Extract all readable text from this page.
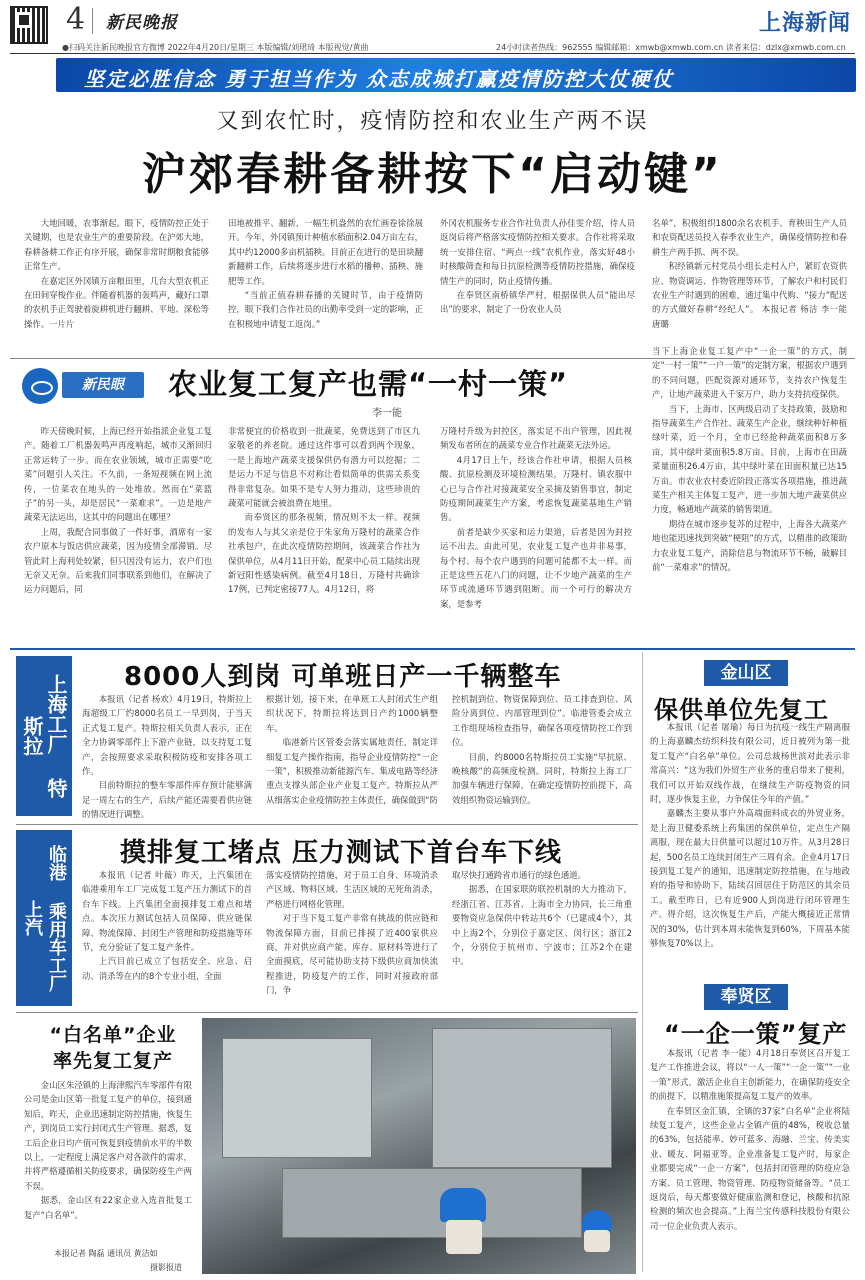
4 新民晚报	上海新闻
●扫码关注新民晚报官方微博 2022年4月20日/星期三 本版编辑/刘珺琦 本版视觉/黄曲	24小时读者热线：962555 编辑邮箱：xmwb@xmwb.com.cn 读者来信：dzlx@xmwb.com.cn
坚定必胜信念 勇于担当作为 众志成城打赢疫情防控大仗硬仗
又到农忙时，疫情防控和农业生产两不误
沪郊春耕备耕按下“启动键”

大地回暖，农事渐起。眼下，疫情防控正处于关键期，也是农业生产的重要阶段。在沪郊大地，春耕备耕工作正有序开展，确保非常时期粮食能够正常生产。

在嘉定区外冈镇万亩粮田里，几台大型农机正在田间穿梭作业。伴随着机器的轰鸣声，藏好口罩的农机手正驾驶着旋耕机进行翻耕、平地、深松等操作。一片片

田地被推平、翻新，一幅生机盎然的农忙画卷徐徐展开。今年，外冈镇预计种植水稻面积2.04万亩左右，其中约12000多亩机插秧。目前正在进行的是田块翻新翻耕工作，后续将逐步进行水稻的播种、插秧、施肥等工作。

“当前正值春耕春播的关键时节，由于疫情防控，眼下我们合作社员的出勤率受到一定的影响，正在积极地申请复工返岗。”

外冈农机服务专业合作社负责人孙佳雯介绍，待人员返岗后将严格落实疫情防控相关要求。合作社将采取统一安排住宿、“两点一线”农机作业，落实好48小时核酸筛查和每日抗原检测等疫情防控措施，确保疫情生产的同时，防止疫情传播。

在奉贤区南桥镇华严村，根据保供人员“能出尽出”的要求，制定了一份农业人员

名单”，积极组织1800余名农机手、育秧田生产人员和农资配送员投入春季农业生产，确保疫情防控和春耕生产两手抓、两不误。

积经镇新元村党员小组长走村入户，紧盯农资供应、物资调运、作物管理等环节，了解农户和村民们农业生产时遇到的困难，通过集中代购、“接力”配送的方式做好春耕“经纪人”。 本报记者 杨洁 李一能 唐璐

新民眼	农业复工复产也需“一村一策”
李一能

昨天傍晚时候，上海已经开始指派企业复工复产。随着工厂机器轰鸣声再度响起，城市又渐回归正常运转了一步。而在农业领域，城市正需要“吃菜”问题引人关注。不久前，一条短视频在网上流传，一位菜农在地头的一处堆放。然而在“菜篮子”的另一头，却是居民“一菜难求”。一边是地产蔬菜无法运出，这其中的问题出在哪里？

上周，我配合同事做了一件好事，酒席有一家农户原本与饭店供应蔬菜，因为疫情全部滞销。尽管此时上海利处较紧，但只因没有运力，农户们也无奈又无奈。后来我们同事联系到他们，在解决了运力问题后，同

非常便宜的价格收到一批蔬菜，免费送到了市区九家敬老的养老院。通过这件事可以看到两个现象，一是上海地产蔬菜支援保供仍有潜力可以挖掘；二是运力不足与信息不对称让看似简单的供需关系变得非常复杂。如果不是专人努力推动，这些珍贵的蔬菜可能就会被浪费在地里。

而奉贤区的那条视频，情况则不太一样。视频的发布人与其父亲是位于朱家角万隆村的蔬菜合作社承包户，在此次疫情防控期间，该蔬菜合作社为保供单位，从4月11日开始，配菜中心员工陆续出现新冠阳性感染病例。截至4月18日，万隆村共确诊17例，已判定密接77人。4月12日，将

万隆村升级为封控区，落实足不出户管理，因此视频发布者所在的蔬菜专业合作社蔬菜无法外运。

4月17日上午，经该合作社申请，根据人员核酸、抗原检测及环境检测结果，万隆村、镇农服中心已与合作社对接蔬菜安全采摘及销售事宜，制定防疫期间蔬菜生产方案，考虑恢复蔬菜基地生产销售。

前者是缺少买家和运力渠道，后者是因为封控运不出去。由此可见，农业复工复产也并非易事，每个村、每个农户遇到的问题可能都不太一样。而正是这些五花八门的问题，让不少地产蔬菜的生产环节或流通环节遇到阻断。而一个可行的解决方案，是参考

当下上海企业复工复产中“一企一策”的方式，制定“一村一策”“一户一策”的定制方案，根据农户遇到的不同问题，匹配资源对通环节，支持农户恢复生产，让地产蔬菜进入千家万户，助力支持抗疫保供。

当下，上海市、区两级启动了支持政策，鼓励和指导蔬菜生产合作社、蔬菜生产企业，继续种好种植绿叶菜，近一个月，全市已经抢种蔬菜面积8万多亩，其中绿叶菜面积5.8万亩。目前，上海市在田蔬菜量面积26.4万亩，其中绿叶菜在田面积量已达15万亩。市农业农村委近阶段正落实各项措施，推进蔬菜生产相关主体复工复产，进一步加大地产蔬菜供应力度，畅通地产蔬菜的销售渠道。

期待在城市逐步复苏的过程中，上海各大蔬菜产地也能迅速找到突破“梗阻”的方式，以精准的政策助力农业复工复产，消除信息与物流环节不畅，破解目前“一菜难求”的情况。

上海工厂 特斯拉
8000人到岗 可单班日产一千辆整车

本报讯（记者 杨欢）4月19日，特斯拉上海超级工厂约8000名员工一早到岗，于当天正式复工复产。特斯拉相关负责人表示，正在全力协调零部件上下游产业链，以支持复工复产，会按照要求采取积极防疫和安排各项工作。

目前特斯拉的整车零部件库存预计能够满足一周左右的生产，后续产能还需要看供应链的情况进行调整。

根据计划，接下来，在单班工人封闭式生产组织状况下，特斯拉将达到日产约1000辆整车。

临港新片区管委会落实属地责任，制定详细复工复产操作指南，指导企业疫情防控“一企一策”，积极推动新能源汽车、集成电路等经济重点支撑头部企业产业复工复产。特斯拉从严从细落实企业疫情防控主体责任，确保做到“防

控机制到位、物资保障到位、员工排查到位、风险分离到位、内部管理到位”。临港管委会成立工作组现场检查指导，确保各项疫情防控工作到位。

目前，约8000名特斯拉员工实施“早抗原、晚核酸”的高频度检测。同时，特斯拉上海工厂加强车辆进行保障，在确定疫情防控前提下，高效组织物资运输到位。

临港 乘用车工厂 上汽
摸排复工堵点 压力测试下首台车下线

本报讯（记者 叶薇）昨天，上汽集团在临港乘用车工厂完成复工复产压力测试下的首台车下线。上汽集团全面摸排复工难点和堵点。本次压力测试包括人员保障、供应链保障、物流保障、封闭生产管理和防疫措施等环节，充分验证了复工复产条件。

上汽目前已成立了包括安全、应急、启动、消杀等在内的8个专业小组，全面

落实疫情防控措施，对于员工自身、环境消杀产区域、物料区域、生活区域的无死角消杀，严格进行网格化管理。

对于当下复工复产非常有挑战的供应链和物流保障方面，目前已排摸了近400家供应商，并对供应商产能、库存、原材料等进行了全面摸底，尽可能协助支持下级供应商加快流程推进，防疫复产的工作，同时对接政府部门，争

取尽快打通跨省市通行的绿色通道。

据悉，在国家联防联控机制的大力推动下，经浙江省、江苏省、上海市全力协同，长三角重要物资应急保供中转站共6个（已建成4个），其中上海2个，分别位于嘉定区、闵行区；浙江2个，分别位于杭州市、宁波市；江苏2个在建中。

金山区
保供单位先复工

本报讯（记者 屠瑜）每日为抗疫一线生产隔离服的上海嘉麟杰纺织科技有限公司，近日被列为第一批复工复产“白名单”单位。公司总裁杨世滨对此表示非常高兴：“这为我们外贸生产业务的重启带来了便利，我们可以开始双线作战，在继续生产防疫物资的同时，逐步恢复主业，力争保住今年的产值。”

嘉麟杰主要从事户外高端面料成衣的外贸业务，是上海卫健委系统上药集团的保供单位，定点生产隔离服，现在最大日供量可以超过10万件。从3月28日起，500名员工连续封闭生产三周有余。企业4月17日接到复工复产的通知，迅速制定防控措施，在与地政府的指导和协助下，陆续召回居住于防范区的其余员工。截至昨日，已有近900人到岗进行闭环管理生产。得介绍，这次恢复生产后，产能大概接近正常情况的30%，估计到本周末能恢复到60%，下周基本能够恢复70%以上。

奉贤区
“一企一策”复产

本报讯（记者 李一能）4月18日奉贤区召开复工复产工作推进会议，将以“一人一策”“一企一策”“一业一策”形式，激活企业自主创新能力，在确保防疫安全的前提下，以精准施策提高复工复产的效率。

在奉贤区金汇镇，全镇的37家“白名单”企业将陆续复工复产，这些企业占全镇产值的48%，税收总量的63%，包括能率、妙可蓝多、海融、兰宝、传美实业、暖友、阿福亚等。企业准备复工复产时，每家企业都要完成“一企一方案”，包括封闭管理的防疫应急方案、员工管理、物资管理、防疫物资储备等。“员工返岗后，每天都要做好健康监测和登记，核酸和抗原检测的频次也会提高。”上海兰宝传感科技股份有限公司一位企业负责人表示。

“白名单”企业
率先复工复产

金山区朱泾镇的上海津熙汽车零部件有限公司是金山区第一批复工复产的单位，接到通知后，昨天，企业迅速制定防控措施，恢复生产，到岗员工实行封闭式生产管理。据悉，复工后企业日均产值可恢复到疫情前水平的半数以上，一定程度上满足客户对各款件的需求，并将严格遵循相关防疫要求，确保防疫生产两不误。

据悉，金山区有22家企业入选首批复工复产“白名单”。

本报记者 陶磊 通讯员 黄洁如
摄影报道
